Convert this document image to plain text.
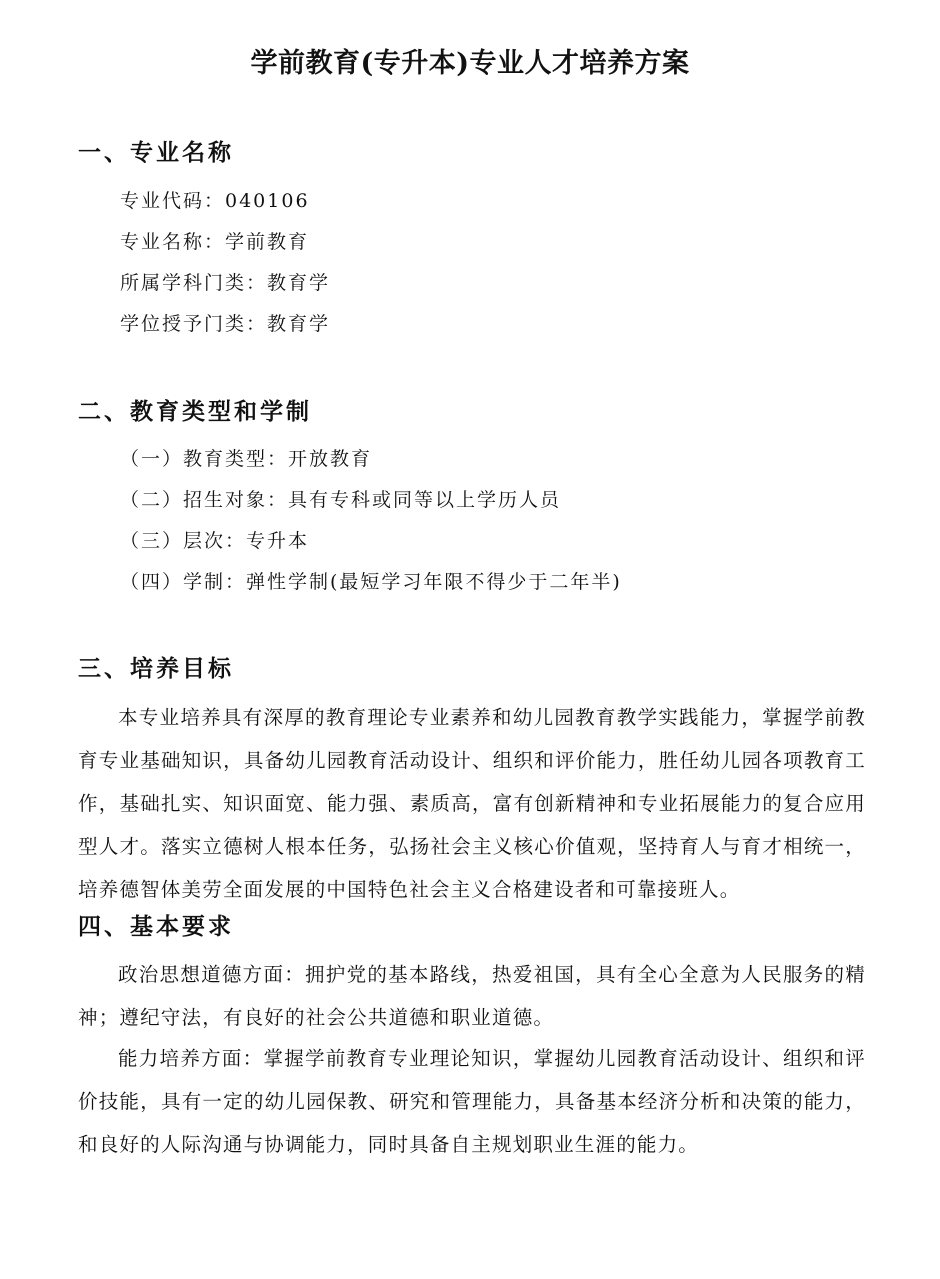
学前教育(专升本)专业人才培养方案
一、专业名称
专业代码：040106
专业名称：学前教育
所属学科门类：教育学
学位授予门类：教育学
二、教育类型和学制
（一）教育类型：开放教育
（二）招生对象：具有专科或同等以上学历人员
（三）层次：专升本
（四）学制：弹性学制(最短学习年限不得少于二年半)
三、培养目标
本专业培养具有深厚的教育理论专业素养和幼儿园教育教学实践能力，掌握学前教育专业基础知识，具备幼儿园教育活动设计、组织和评价能力，胜任幼儿园各项教育工作，基础扎实、知识面宽、能力强、素质高，富有创新精神和专业拓展能力的复合应用型人才。落实立德树人根本任务，弘扬社会主义核心价值观，坚持育人与育才相统一，培养德智体美劳全面发展的中国特色社会主义合格建设者和可靠接班人。
四、基本要求
政治思想道德方面：拥护党的基本路线，热爱祖国，具有全心全意为人民服务的精神；遵纪守法，有良好的社会公共道德和职业道德。
能力培养方面：掌握学前教育专业理论知识，掌握幼儿园教育活动设计、组织和评价技能，具有一定的幼儿园保教、研究和管理能力，具备基本经济分析和决策的能力，和良好的人际沟通与协调能力，同时具备自主规划职业生涯的能力。
